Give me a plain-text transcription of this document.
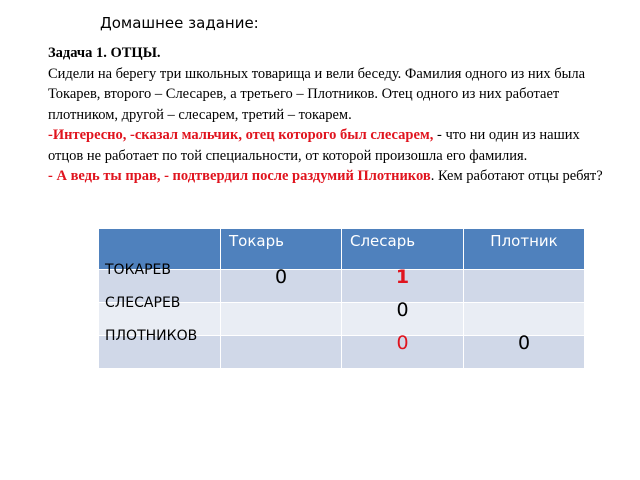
Домашнее задание:

Задача 1. ОТЦЫ.

Сидели на берегу три школьных товарища и вели беседу. Фамилия одного из них была Токарев, второго – Слесарев, а третьего – Плотников. Отец одного из них работает плотником, другой – слесарем, третий – токарем.

-Интересно, -сказал мальчик, отец которого был слесарем, - что ни один из наших отцов не работает по той специальности, от которой произошла его фамилия.

- А ведь ты прав, - подтвердил после раздумий Плотников. Кем работают отцы ребят?

	Токарь	Слесарь	Плотник

ТОКАРЕВ	0	1	

СЛЕСАРЕВ		0	

ПЛОТНИКОВ		0	0
